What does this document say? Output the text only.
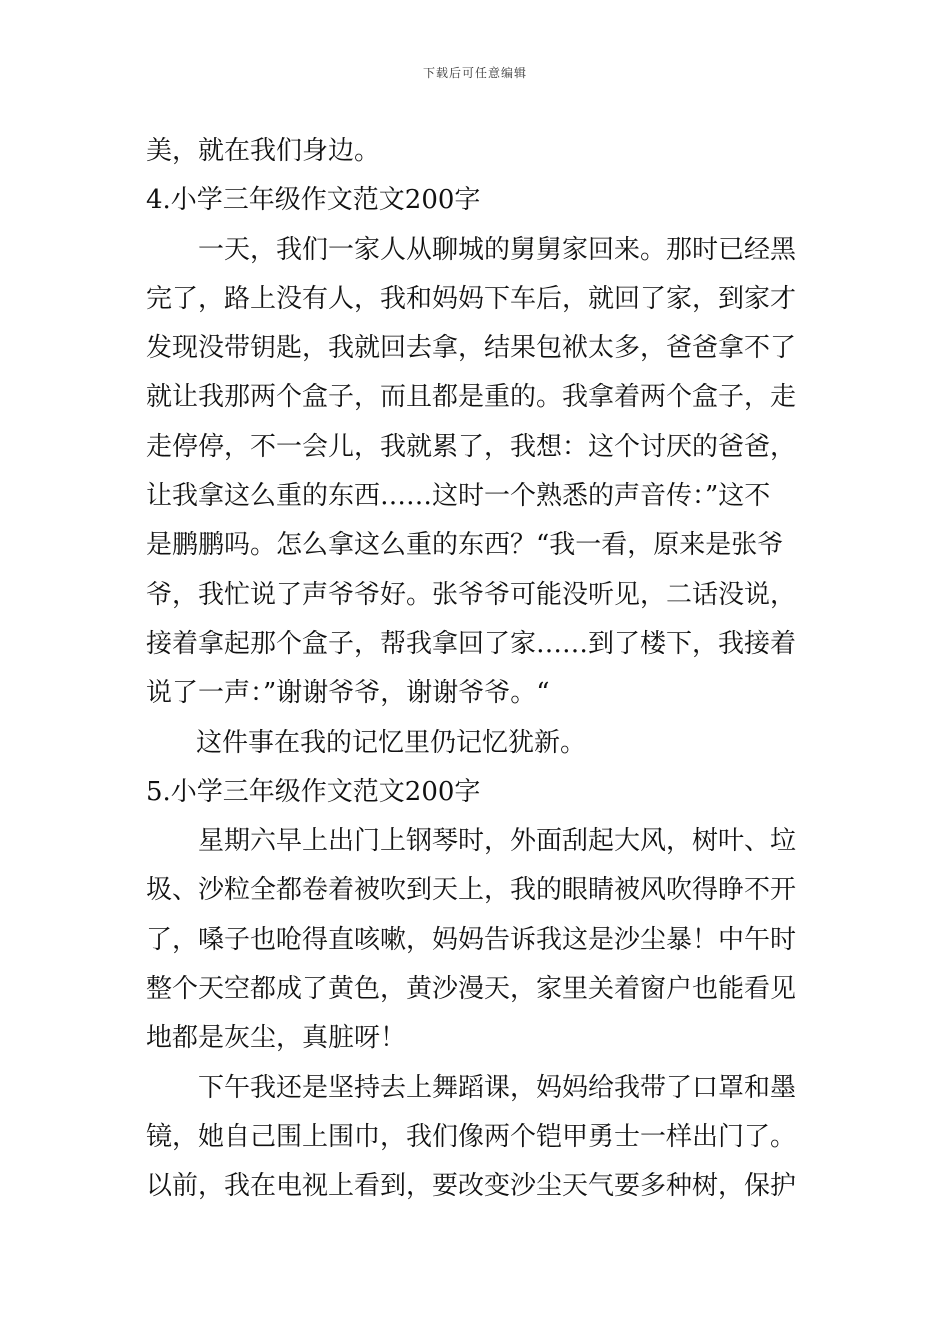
下载后可任意编辑
美，就在我们身边。
4.小学三年级作文范文200字
一天，我们一家人从聊城的舅舅家回来。那时已经黑
完了，路上没有人，我和妈妈下车后，就回了家，到家才
发现没带钥匙，我就回去拿，结果包袱太多，爸爸拿不了
就让我那两个盒子，而且都是重的。我拿着两个盒子，走
走停停，不一会儿，我就累了，我想：这个讨厌的爸爸，
让我拿这么重的东西……这时一个熟悉的声音传：”这不
是鹏鹏吗。怎么拿这么重的东西？“我一看，原来是张爷
爷，我忙说了声爷爷好。张爷爷可能没听见，二话没说，
接着拿起那个盒子，帮我拿回了家……到了楼下，我接着
说了一声：”谢谢爷爷，谢谢爷爷。“
这件事在我的记忆里仍记忆犹新。
5.小学三年级作文范文200字
星期六早上出门上钢琴时，外面刮起大风，树叶、垃
圾、沙粒全都卷着被吹到天上，我的眼睛被风吹得睁不开
了，嗓子也呛得直咳嗽，妈妈告诉我这是沙尘暴！中午时
整个天空都成了黄色，黄沙漫天，家里关着窗户也能看见
地都是灰尘，真脏呀！
下午我还是坚持去上舞蹈课，妈妈给我带了口罩和墨
镜，她自己围上围巾，我们像两个铠甲勇士一样出门了。
以前，我在电视上看到，要改变沙尘天气要多种树，保护
